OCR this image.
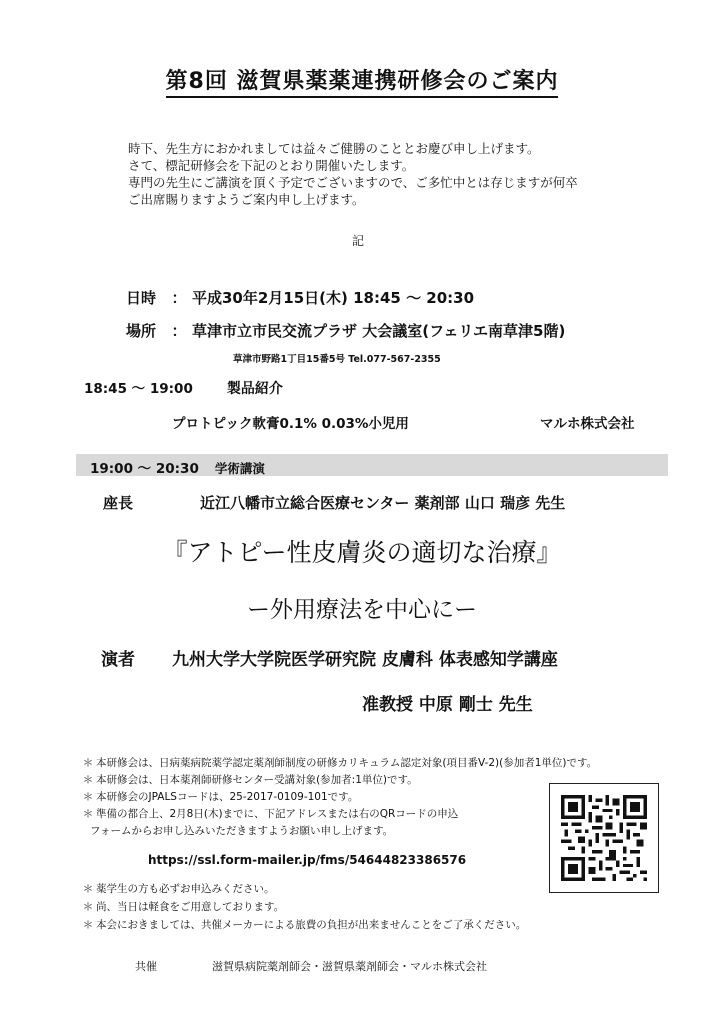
第8回 滋賀県薬薬連携研修会のご案内
時下、先生方におかれましては益々ご健勝のこととお慶び申し上げます。
さて、標記研修会を下記のとおり開催いたします。
専門の先生にご講演を頂く予定でございますので、ご多忙中とは存じますが何卒
ご出席賜りますようご案内申し上げます。
記
日時 ： 平成30年2月15日(木) 18:45 ～ 20:30
場所 ： 草津市立市民交流プラザ 大会議室(フェリエ南草津5階)
草津市野路1丁目15番5号 Tel.077-567-2355
18:45 ～ 19:00 製品紹介
プロトピック軟膏0.1% 0.03%小児用	マルホ株式会社
19:00 ～ 20:30 学術講演
座長	近江八幡市立総合医療センター 薬剤部 山口 瑞彦 先生
『アトピー性皮膚炎の適切な治療』
ー外用療法を中心にー
演者 九州大学大学院医学研究院 皮膚科 体表感知学講座
准教授 中原 剛士 先生
＊ 本研修会は、日病薬病院薬学認定薬剤師制度の研修カリキュラム認定対象(項目番V-2)(参加者1単位)です。
＊ 本研修会は、日本薬剤師研修センター受講対象(参加者:1単位)です。
＊ 本研修会のJPALSコードは、25-2017-0109-101です。
＊ 準備の都合上、2月8日(木)までに、下記アドレスまたは右のQRコードの申込
フォームからお申し込みいただきますようお願い申し上げます。
https://ssl.form-mailer.jp/fms/54644823386576
＊ 薬学生の方も必ずお申込みください。
＊ 尚、当日は軽食をご用意しております。
＊ 本会におきましては、共催メーカーによる旅費の負担が出来ませんことをご了承ください。
共催	滋賀県病院薬剤師会・滋賀県薬剤師会・マルホ株式会社
